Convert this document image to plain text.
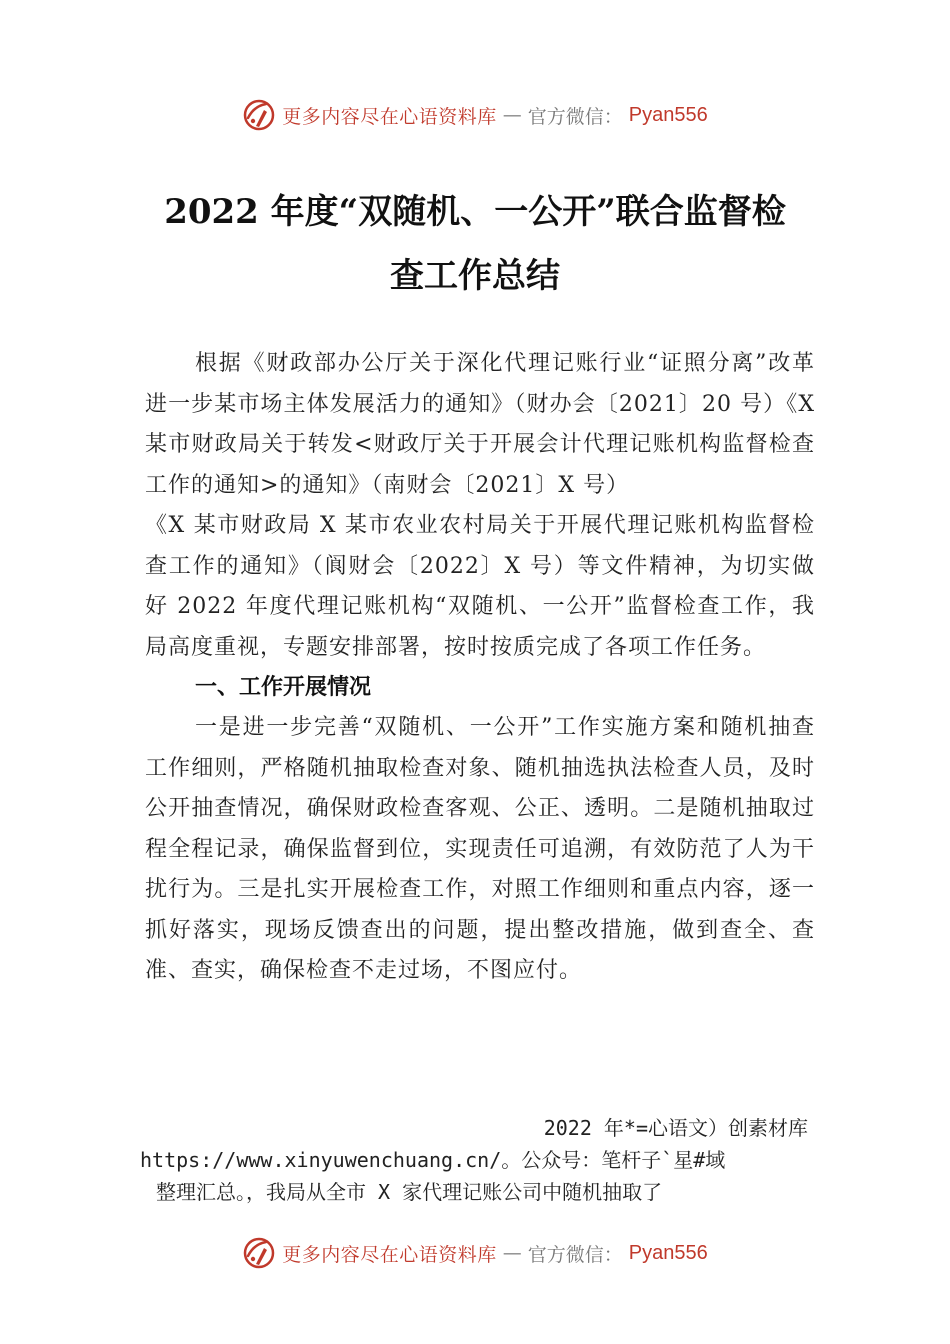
更多内容尽在心语资料库 — 官方微信： Pyan556
2022 年度“双随机、一公开”联合监督检
查工作总结

根据《财政部办公厅关于深化代理记账行业“证照分离”改革进一步某市场主体发展活力的通知》（财办会〔2021〕20 号）《X 某市财政局关于转发<财政厅关于开展会计代理记账机构监督检查工作的通知>的通知》（南财会〔2021〕X 号）

《X 某市财政局 X 某市农业农村局关于开展代理记账机构监督检查工作的通知》（阆财会〔2022〕X 号）等文件精神，为切实做好 2022 年度代理记账机构“双随机、一公开”监督检查工作，我局高度重视，专题安排部署，按时按质完成了各项工作任务。

一、工作开展情况

一是进一步完善“双随机、一公开”工作实施方案和随机抽查工作细则，严格随机抽取检查对象、随机抽选执法检查人员，及时公开抽查情况，确保财政检查客观、公正、透明。二是随机抽取过程全程记录，确保监督到位，实现责任可追溯，有效防范了人为干扰行为。三是扎实开展检查工作，对照工作细则和重点内容，逐一抓好落实，现场反馈查出的问题，提出整改措施，做到查全、查准、查实，确保检查不走过场，不图应付。

2022 年*=心语文）创素材库
https://www.xinyuwenchuang.cn/。公众号：笔杆子`星#域
整理汇总。，我局从全市 X 家代理记账公司中随机抽取了
更多内容尽在心语资料库 — 官方微信： Pyan556
